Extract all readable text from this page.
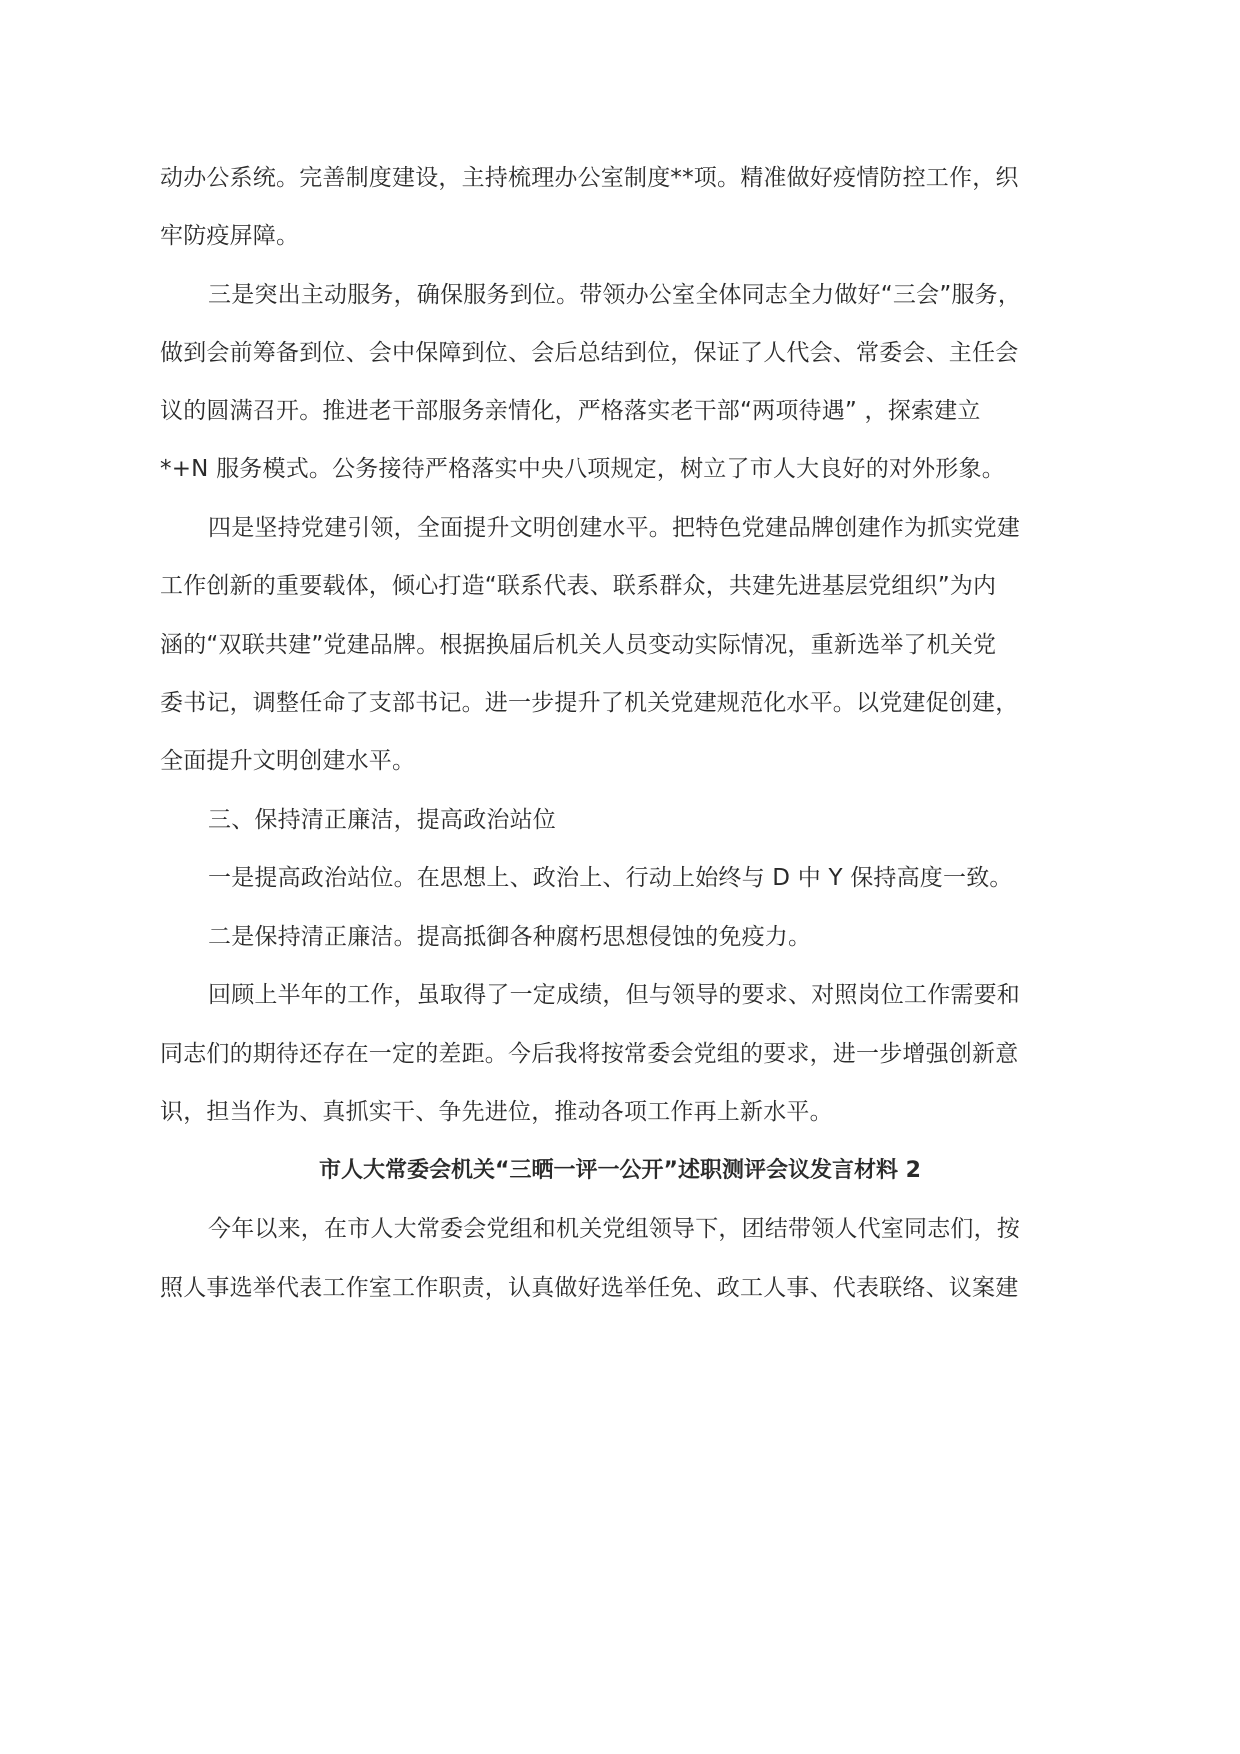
动办公系统。完善制度建设，主持梳理办公室制度**项。精准做好疫情防控工作，织
牢防疫屏障。
三是突出主动服务，确保服务到位。带领办公室全体同志全力做好“三会”服务，
做到会前筹备到位、会中保障到位、会后总结到位，保证了人代会、常委会、主任会
议的圆满召开。推进老干部服务亲情化，严格落实老干部“两项待遇” ，探索建立
*+N 服务模式。公务接待严格落实中央八项规定，树立了市人大良好的对外形象。
四是坚持党建引领，全面提升文明创建水平。把特色党建品牌创建作为抓实党建
工作创新的重要载体，倾心打造“联系代表、联系群众，共建先进基层党组织”为内
涵的“双联共建”党建品牌。根据换届后机关人员变动实际情况，重新选举了机关党
委书记，调整任命了支部书记。进一步提升了机关党建规范化水平。以党建促创建，
全面提升文明创建水平。
三、保持清正廉洁，提高政治站位
一是提高政治站位。在思想上、政治上、行动上始终与 D 中 Y 保持高度一致。
二是保持清正廉洁。提高抵御各种腐朽思想侵蚀的免疫力。
回顾上半年的工作，虽取得了一定成绩，但与领导的要求、对照岗位工作需要和
同志们的期待还存在一定的差距。今后我将按常委会党组的要求，进一步增强创新意
识，担当作为、真抓实干、争先进位，推动各项工作再上新水平。
市人大常委会机关“三晒一评一公开”述职测评会议发言材料 2
今年以来，在市人大常委会党组和机关党组领导下，团结带领人代室同志们，按
照人事选举代表工作室工作职责，认真做好选举任免、政工人事、代表联络、议案建
